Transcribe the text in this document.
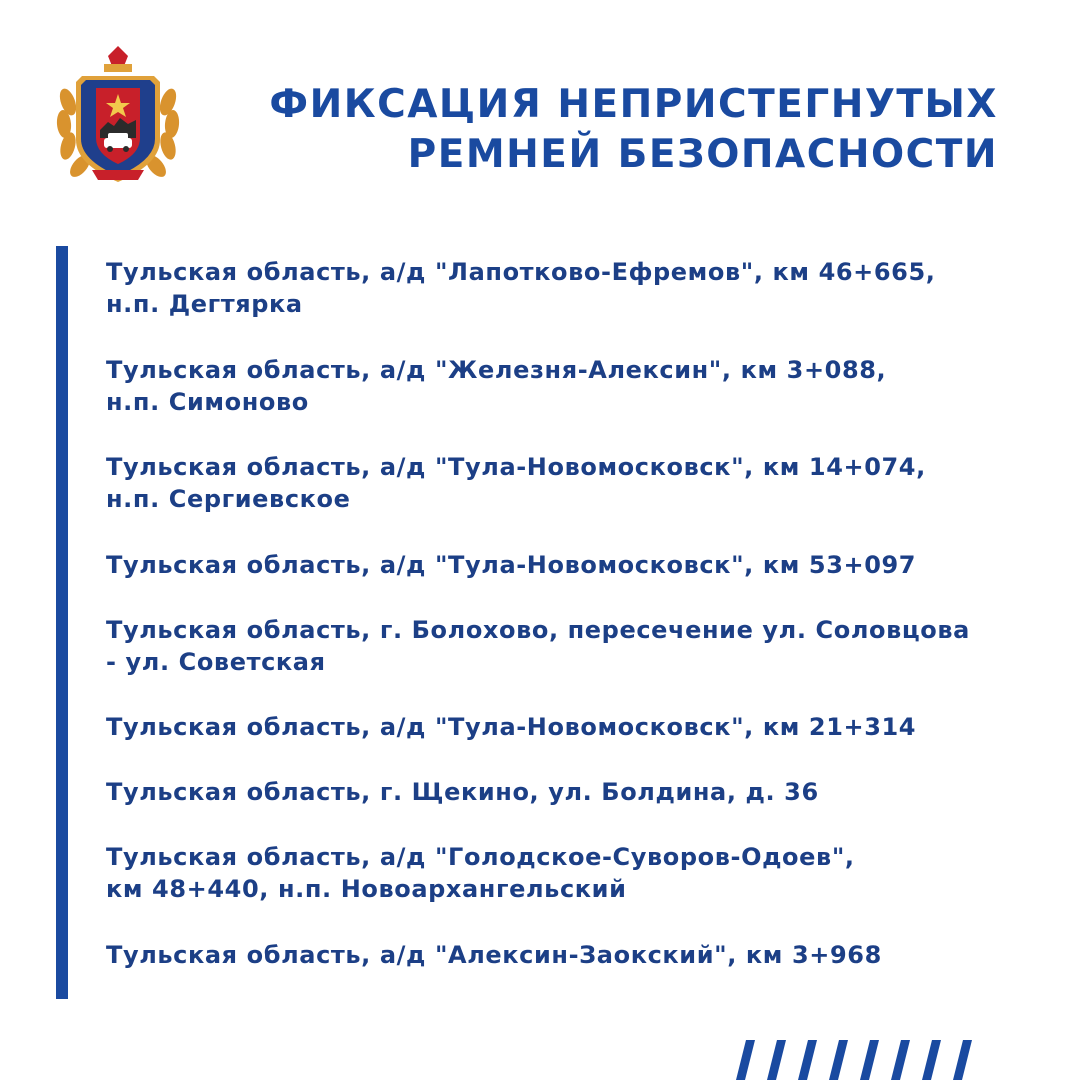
ФИКСАЦИЯ НЕПРИСТЕГНУТЫХ
РЕМНЕЙ БЕЗОПАСНОСТИ
Тульская область, а/д "Лапотково-Ефремов", км 46+665,
н.п. Дегтярка
Тульская область, а/д "Железня-Алексин", км 3+088,
н.п. Симоново
Тульская область, а/д "Тула-Новомосковск", км 14+074,
н.п. Сергиевское
Тульская область, а/д "Тула-Новомосковск", км 53+097
Тульская область, г. Болохово, пересечение ул. Соловцова
- ул. Советская
Тульская область, а/д "Тула-Новомосковск", км 21+314
Тульская область, г. Щекино, ул. Болдина, д. 36
Тульская область, а/д "Голодское-Суворов-Одоев",
км 48+440, н.п. Новоархангельский
Тульская область, а/д "Алексин-Заокский", км 3+968
